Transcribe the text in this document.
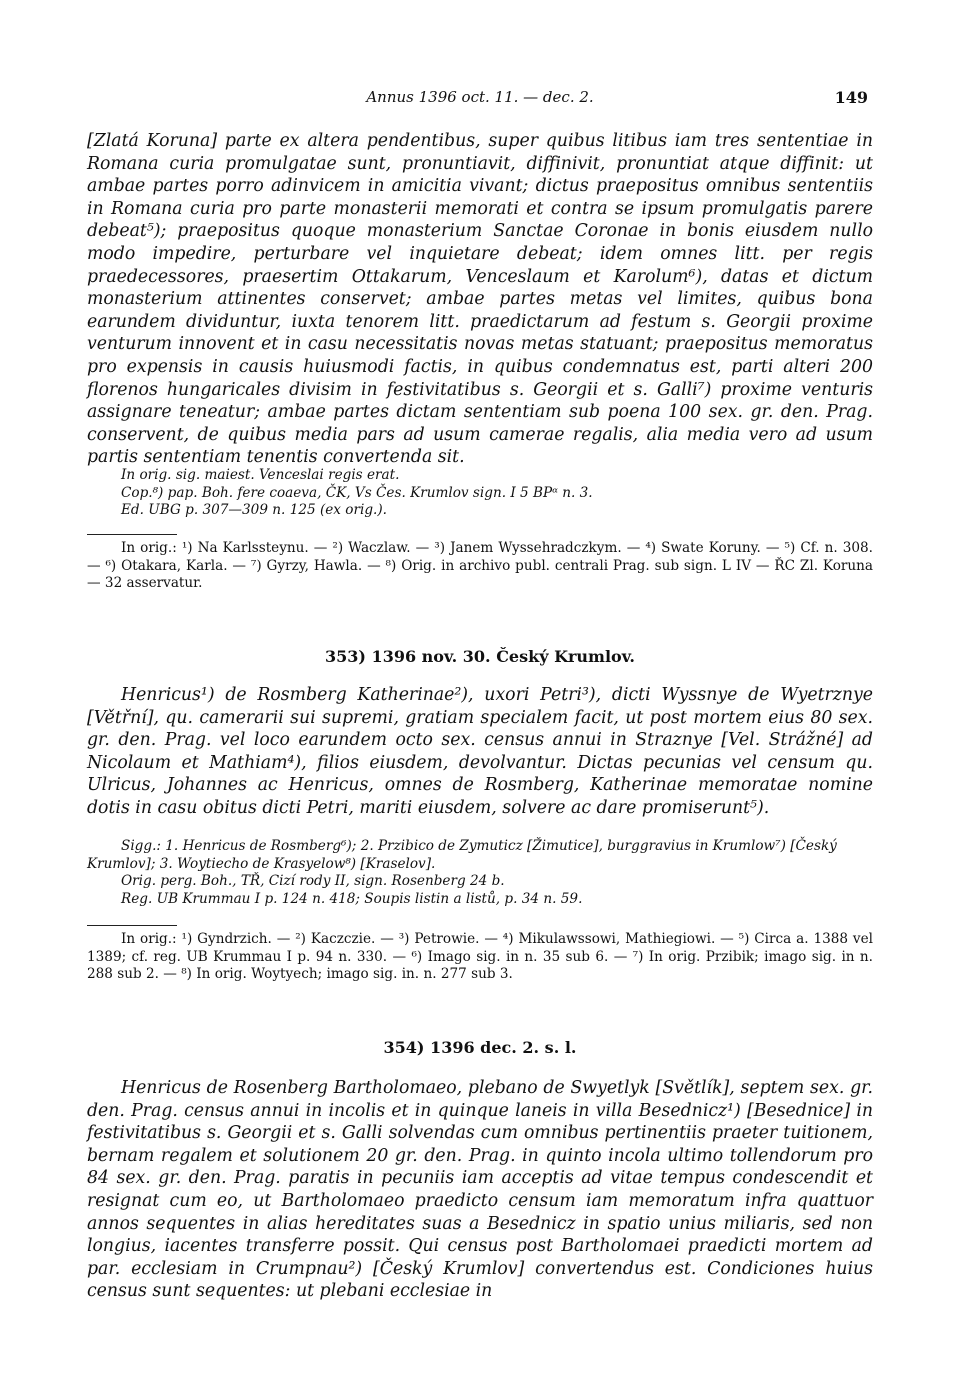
Annus 1396 oct. 11. — dec. 2.	149

[Zlatá Koruna] parte ex altera pendentibus, super quibus litibus iam tres sententiae in Romana curia promulgatae sunt, pronuntiavit, diffinivit, pronuntiat atque diffinit: ut ambae partes porro adinvicem in amicitia vivant; dictus praepositus omnibus sententiis in Romana curia pro parte monasterii memorati et contra se ipsum promulgatis parere debeat⁵); praepositus quoque monasterium Sanctae Coronae in bonis eiusdem nullo modo impedire, perturbare vel inquietare debeat; idem omnes litt. per regis praedecessores, praesertim Ottakarum, Venceslaum et Karolum⁶), datas et dictum monasterium attinentes conservet; ambae partes metas vel limites, quibus bona earundem dividuntur, iuxta tenorem litt. praedictarum ad festum s. Georgii proxime venturum innovent et in casu necessitatis novas metas statuant; praepositus memoratus pro expensis in causis huiusmodi factis, in quibus condemnatus est, parti alteri 200 florenos hungaricales divisim in festivitatibus s. Georgii et s. Galli⁷) proxime venturis assignare teneatur; ambae partes dictam sententiam sub poena 100 sex. gr. den. Prag. conservent, de quibus media pars ad usum camerae regalis, alia media vero ad usum partis sententiam tenentis convertenda sit.

In orig. sig. maiest. Venceslai regis erat.

Cop.⁸) pap. Boh. fere coaeva, ČK, Vs Čes. Krumlov sign. I 5 BPᵅ n. 3.

Ed. UBG p. 307—309 n. 125 (ex orig.).

In orig.: ¹) Na Karlssteynu. — ²) Waczlaw. — ³) Janem Wyssehradczkym. — ⁴) Swate Koruny. — ⁵) Cf. n. 308. — ⁶) Otakara, Karla. — ⁷) Gyrzy, Hawla. — ⁸) Orig. in archivo publ. centrali Prag. sub sign. L IV — ŘC Zl. Koruna — 32 asservatur.

353) 1396 nov. 30. Český Krumlov.

Henricus¹) de Rosmberg Katherinae²), uxori Petri³), dicti Wyssnye de Wyetrznye [Větřní], qu. camerarii sui supremi, gratiam specialem facit, ut post mortem eius 80 sex. gr. den. Prag. vel loco earundem octo sex. census annui in Straznye [Vel. Strážné] ad Nicolaum et Mathiam⁴), filios eiusdem, devolvantur. Dictas pecunias vel censum qu. Ulricus, Johannes ac Henricus, omnes de Rosmberg, Katherinae memoratae nomine dotis in casu obitus dicti Petri, mariti eiusdem, solvere ac dare promiserunt⁵).

Sigg.: 1. Henricus de Rosmberg⁶); 2. Przibico de Zymuticz [Žimutice], burggravius in Krumlow⁷) [Český Krumlov]; 3. Woytiecho de Krasyelow⁸) [Kraselov].

Orig. perg. Boh., TŘ, Cizí rody II, sign. Rosenberg 24 b.

Reg. UB Krummau I p. 124 n. 418; Soupis listin a listů, p. 34 n. 59.

In orig.: ¹) Gyndrzich. — ²) Kaczczie. — ³) Petrowie. — ⁴) Mikulawssowi, Mathiegiowi. — ⁵) Circa a. 1388 vel 1389; cf. reg. UB Krummau I p. 94 n. 330. — ⁶) Imago sig. in n. 35 sub 6. — ⁷) In orig. Przibik; imago sig. in n. 288 sub 2. — ⁸) In orig. Woytyech; imago sig. in. n. 277 sub 3.

354) 1396 dec. 2. s. l.

Henricus de Rosenberg Bartholomaeo, plebano de Swyetlyk [Světlík], septem sex. gr. den. Prag. census annui in incolis et in quinque laneis in villa Besednicz¹) [Besednice] in festivitatibus s. Georgii et s. Galli solvendas cum omnibus pertinentiis praeter tuitionem, bernam regalem et solutionem 20 gr. den. Prag. in quinto incola ultimo tollendorum pro 84 sex. gr. den. Prag. paratis in pecuniis iam acceptis ad vitae tempus condescendit et resignat cum eo, ut Bartholomaeo praedicto censum iam memoratum infra quattuor annos sequentes in alias hereditates suas a Besednicz in spatio unius miliaris, sed non longius, iacentes transferre possit. Qui census post Bartholomaei praedicti mortem ad par. ecclesiam in Crumpnau²) [Český Krumlov] convertendus est. Condiciones huius census sunt sequentes: ut plebani ecclesiae in
